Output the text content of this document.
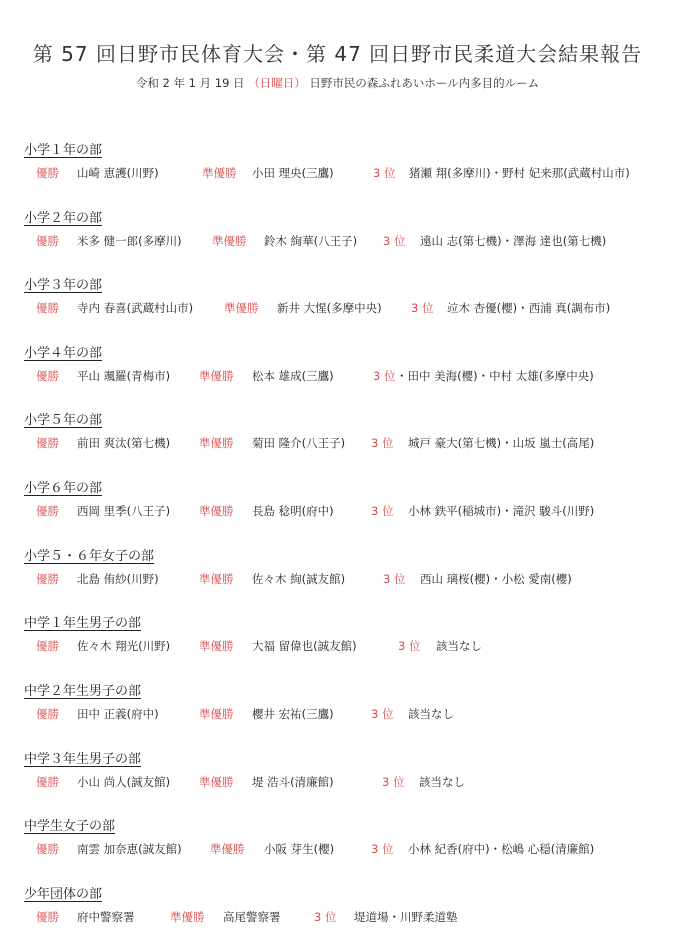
第 57 回日野市民体育大会・第 47 回日野市民柔道大会結果報告
令和 2 年 1 月 19 日 （日曜日） 日野市民の森ふれあいホール内多目的ルーム
小学１年の部
優勝 山崎 恵護(川野)	準優勝 小田 理央(三鷹)	3 位 猪瀬 翔(多摩川)・野村 妃来那(武蔵村山市)
小学２年の部
優勝 米多 健一郎(多摩川)	準優勝 鈴木 絢華(八王子) 3 位 遠山 志(第七機)・澤海 達也(第七機)
小学３年の部
優勝 寺内 春喜(武蔵村山市)	準優勝 新井 大惺(多摩中央)	3 位 竝木 杏優(櫻)・西浦 真(調布市)
小学４年の部
優勝 平山 颯羅(青梅市)	準優勝 松本 雄成(三鷹)	3 位 ・田中 美海(櫻)・中村 太雄(多摩中央)
小学５年の部
優勝 前田 爽汰(第七機)	準優勝 菊田 隆介(八王子) 3 位 城戸 豪大(第七機)・山坂 嵐士(高尾)
小学６年の部
優勝 西岡 里季(八王子)	準優勝 長島 稔明(府中)	3 位 小林 鉄平(稲城市)・滝沢 駿斗(川野)
小学５・６年女子の部
優勝 北島 侑紗(川野)	準優勝 佐々木 絢(誠友館)	3 位 西山 璃桜(櫻)・小松 愛南(櫻)
中学１年生男子の部
優勝 佐々木 翔光(川野)	準優勝 大福 留偉也(誠友館)	3 位 該当なし
中学２年生男子の部
優勝 田中 正義(府中)	準優勝 櫻井 宏祐(三鷹)	3 位 該当なし
中学３年生男子の部
優勝 小山 尚人(誠友館)	準優勝 堤 浩斗(清廉館)	3 位 該当なし
中学生女子の部
優勝 南雲 加奈恵(誠友館) 準優勝 小阪 芽生(櫻)	3 位 小林 紀香(府中)・松嶋 心穏(清廉館)
少年団体の部
優勝 府中警察署	準優勝 高尾警察署	3 位 堤道場・川野柔道塾
